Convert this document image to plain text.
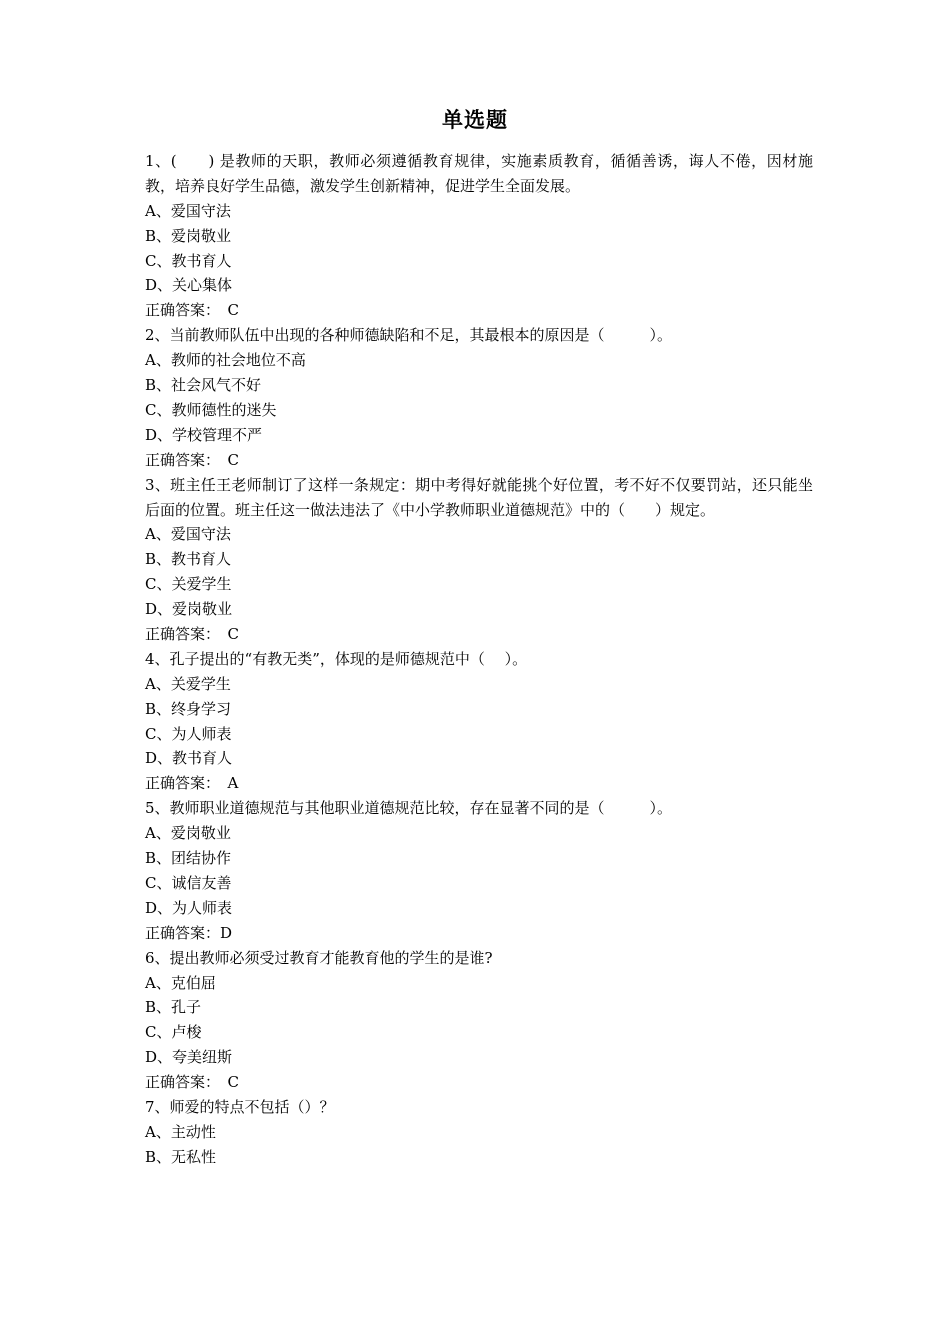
单选题
1、(　　) 是教师的天职，教师必须遵循教育规律，实施素质教育，循循善诱，诲人不倦，因材施教，培养良好学生品德，激发学生创新精神，促进学生全面发展。
A、爱国守法
B、爱岗敬业
C、教书育人
D、关心集体
正确答案：　C
2、当前教师队伍中出现的各种师德缺陷和不足，其最根本的原因是（　　　）。
A、教师的社会地位不高
B、社会风气不好
C、教师德性的迷失
D、学校管理不严
正确答案：　C
3、班主任王老师制订了这样一条规定：期中考得好就能挑个好位置，考不好不仅要罚站，还只能坐后面的位置。班主任这一做法违法了《中小学教师职业道德规范》中的（　　）规定。
A、爱国守法
B、教书育人
C、关爱学生
D、爱岗敬业
正确答案：　C
4、孔子提出的“有教无类”，体现的是师德规范中（　 ）。
A、关爱学生
B、终身学习
C、为人师表
D、教书育人
正确答案：　A
5、教师职业道德规范与其他职业道德规范比较，存在显著不同的是（　　　）。
A、爱岗敬业
B、团结协作
C、诚信友善
D、为人师表
正确答案：D
6、提出教师必须受过教育才能教育他的学生的是谁?
A、克伯屈
B、孔子
C、卢梭
D、夸美纽斯
正确答案：　C
7、师爱的特点不包括（）？
A、主动性
B、无私性
